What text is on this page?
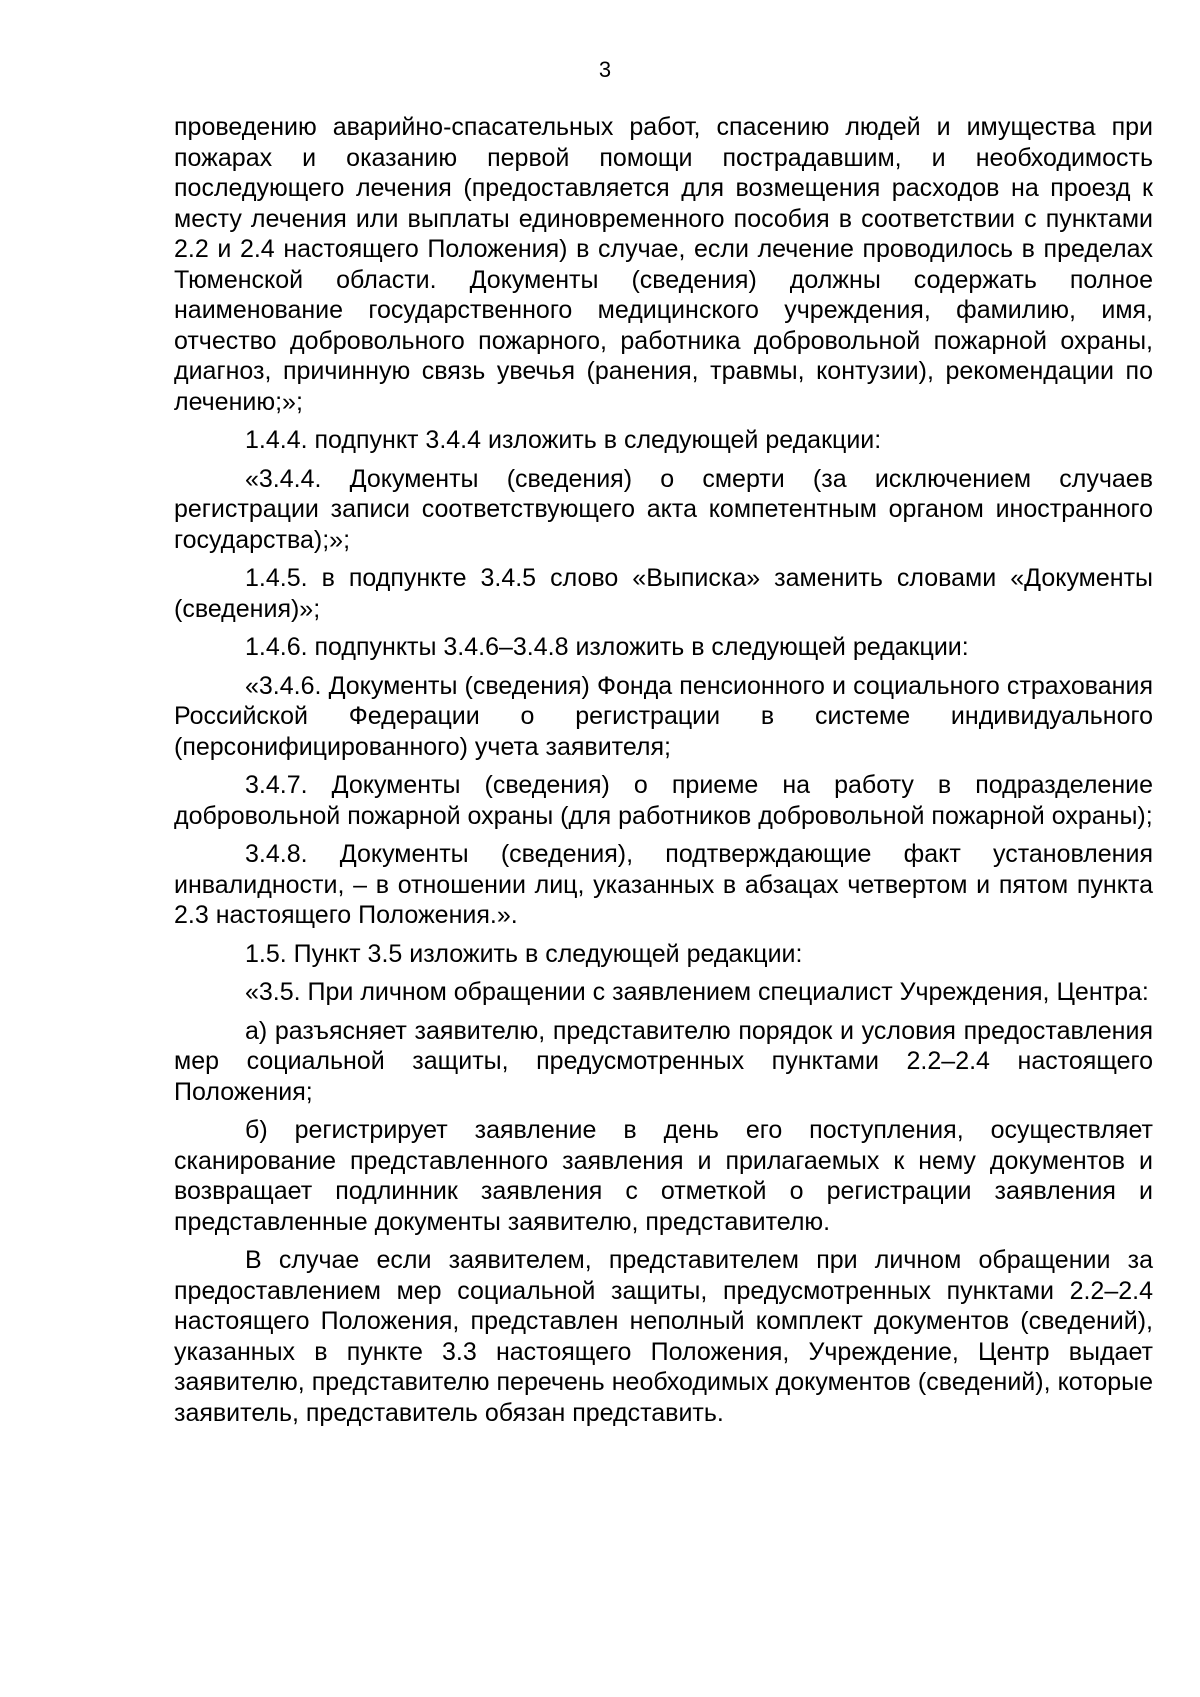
3

проведению аварийно-спасательных работ, спасению людей и имущества при пожарах и оказанию первой помощи пострадавшим, и необходимость последующего лечения (предоставляется для возмещения расходов на проезд к месту лечения или выплаты единовременного пособия в соответствии с пунктами 2.2 и 2.4 настоящего Положения) в случае, если лечение проводилось в пределах Тюменской области. Документы (сведения) должны содержать полное наименование государственного медицинского учреждения, фамилию, имя, отчество добровольного пожарного, работника добровольной пожарной охраны, диагноз, причинную связь увечья (ранения, травмы, контузии), рекомендации по лечению;»;

1.4.4. подпункт 3.4.4 изложить в следующей редакции:

«3.4.4. Документы (сведения) о смерти (за исключением случаев регистрации записи соответствующего акта компетентным органом иностранного государства);»;

1.4.5. в подпункте 3.4.5 слово «Выписка» заменить словами «Документы (сведения)»;

1.4.6. подпункты 3.4.6–3.4.8 изложить в следующей редакции:

«3.4.6. Документы (сведения) Фонда пенсионного и социального страхования Российской Федерации о регистрации в системе индивидуального (персонифицированного) учета заявителя;

3.4.7. Документы (сведения) о приеме на работу в подразделение добровольной пожарной охраны (для работников добровольной пожарной охраны);

3.4.8. Документы (сведения), подтверждающие факт установления инвалидности, – в отношении лиц, указанных в абзацах четвертом и пятом пункта 2.3 настоящего Положения.».

1.5. Пункт 3.5 изложить в следующей редакции:

«3.5. При личном обращении с заявлением специалист Учреждения, Центра:

а) разъясняет заявителю, представителю порядок и условия предоставления мер социальной защиты, предусмотренных пунктами 2.2–2.4 настоящего Положения;

б) регистрирует заявление в день его поступления, осуществляет сканирование представленного заявления и прилагаемых к нему документов и возвращает подлинник заявления с отметкой о регистрации заявления и представленные документы заявителю, представителю.

В случае если заявителем, представителем при личном обращении за предоставлением мер социальной защиты, предусмотренных пунктами 2.2–2.4 настоящего Положения, представлен неполный комплект документов (сведений), указанных в пункте 3.3 настоящего Положения, Учреждение, Центр выдает заявителю, представителю перечень необходимых документов (сведений), которые заявитель, представитель обязан представить.
